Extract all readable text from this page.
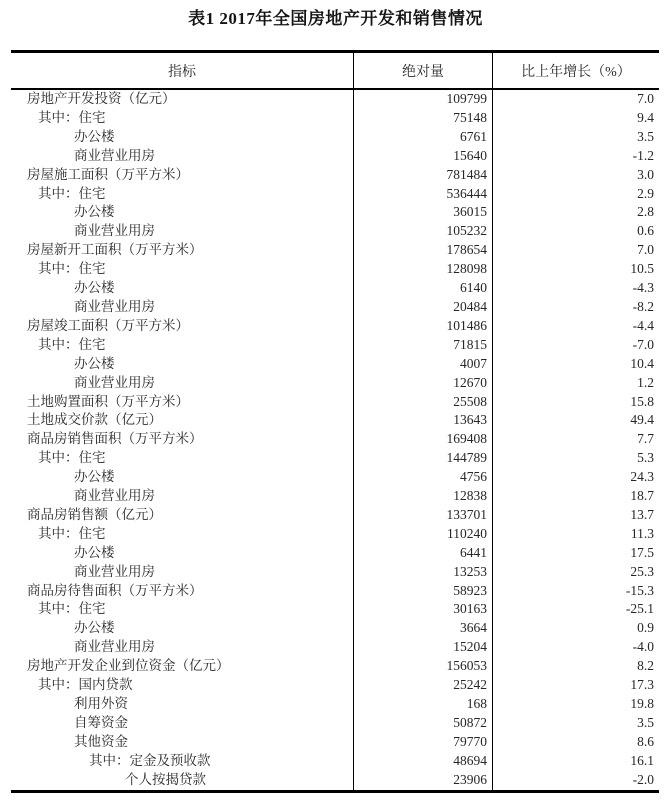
表1 2017年全国房地产开发和销售情况
指标	绝对量	比上年增长（%）
房地产开发投资（亿元）	109799	7.0
其中：住宅	75148	9.4
办公楼	6761	3.5
商业营业用房	15640	-1.2
房屋施工面积（万平方米）	781484	3.0
其中：住宅	536444	2.9
办公楼	36015	2.8
商业营业用房	105232	0.6
房屋新开工面积（万平方米）	178654	7.0
其中：住宅	128098	10.5
办公楼	6140	-4.3
商业营业用房	20484	-8.2
房屋竣工面积（万平方米）	101486	-4.4
其中：住宅	71815	-7.0
办公楼	4007	10.4
商业营业用房	12670	1.2
土地购置面积（万平方米）	25508	15.8
土地成交价款（亿元）	13643	49.4
商品房销售面积（万平方米）	169408	7.7
其中：住宅	144789	5.3
办公楼	4756	24.3
商业营业用房	12838	18.7
商品房销售额（亿元）	133701	13.7
其中：住宅	110240	11.3
办公楼	6441	17.5
商业营业用房	13253	25.3
商品房待售面积（万平方米）	58923	-15.3
其中：住宅	30163	-25.1
办公楼	3664	0.9
商业营业用房	15204	-4.0
房地产开发企业到位资金（亿元）	156053	8.2
其中：国内贷款	25242	17.3
利用外资	168	19.8
自筹资金	50872	3.5
其他资金	79770	8.6
其中：定金及预收款	48694	16.1
个人按揭贷款	23906	-2.0
